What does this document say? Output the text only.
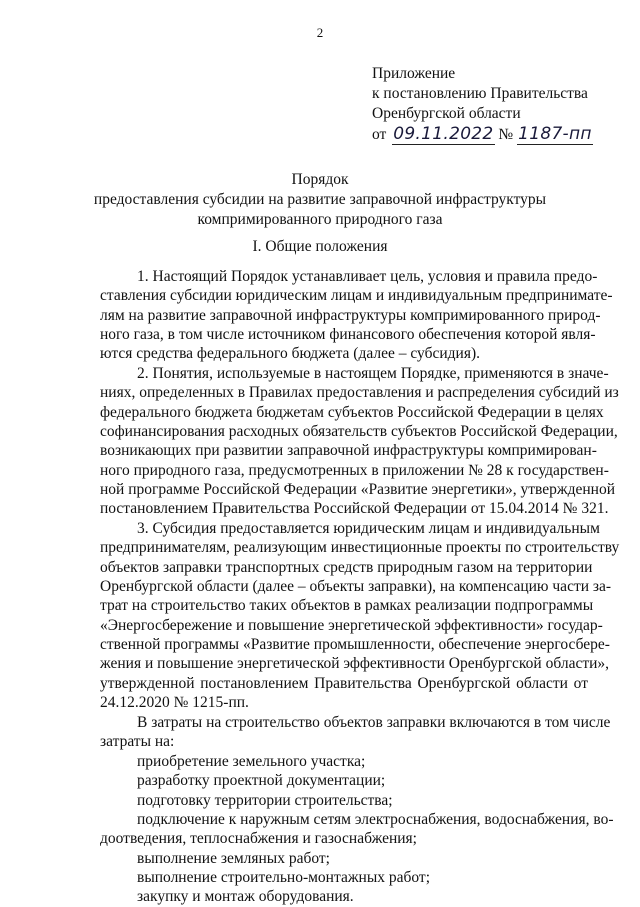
2
Приложение
к постановлению Правительства
Оренбургской области
от 09.11.2022 № 1187-пп
Порядок
предоставления субсидии на развитие заправочной инфраструктуры
компримированного природного газа
I. Общие положения
1. Настоящий Порядок устанавливает цель, условия и правила предо-
ставления субсидии юридическим лицам и индивидуальным предпринимате-
лям на развитие заправочной инфраструктуры компримированного природ-
ного газа, в том числе источником финансового обеспечения которой явля-
ются средства федерального бюджета (далее – субсидия).
2. Понятия, используемые в настоящем Порядке, применяются в значе-
ниях, определенных в Правилах предоставления и распределения субсидий из
федерального бюджета бюджетам субъектов Российской Федерации в целях
софинансирования расходных обязательств субъектов Российской Федерации,
возникающих при развитии заправочной инфраструктуры компримирован-
ного природного газа, предусмотренных в приложении № 28 к государствен-
ной программе Российской Федерации «Развитие энергетики», утвержденной
постановлением Правительства Российской Федерации от 15.04.2014 № 321.
3. Субсидия предоставляется юридическим лицам и индивидуальным
предпринимателям, реализующим инвестиционные проекты по строительству
объектов заправки транспортных средств природным газом на территории
Оренбургской области (далее – объекты заправки), на компенсацию части за-
трат на строительство таких объектов в рамках реализации подпрограммы
«Энергосбережение и повышение энергетической эффективности» государ-
ственной программы «Развитие промышленности, обеспечение энергосбере-
жения и повышение энергетической эффективности Оренбургской области»,
утвержденной постановлением Правительства Оренбургской области от
24.12.2020 № 1215-пп.
В затраты на строительство объектов заправки включаются в том числе
затраты на:
приобретение земельного участка;
разработку проектной документации;
подготовку территории строительства;
подключение к наружным сетям электроснабжения, водоснабжения, во-
доотведения, теплоснабжения и газоснабжения;
выполнение земляных работ;
выполнение строительно-монтажных работ;
закупку и монтаж оборудования.
